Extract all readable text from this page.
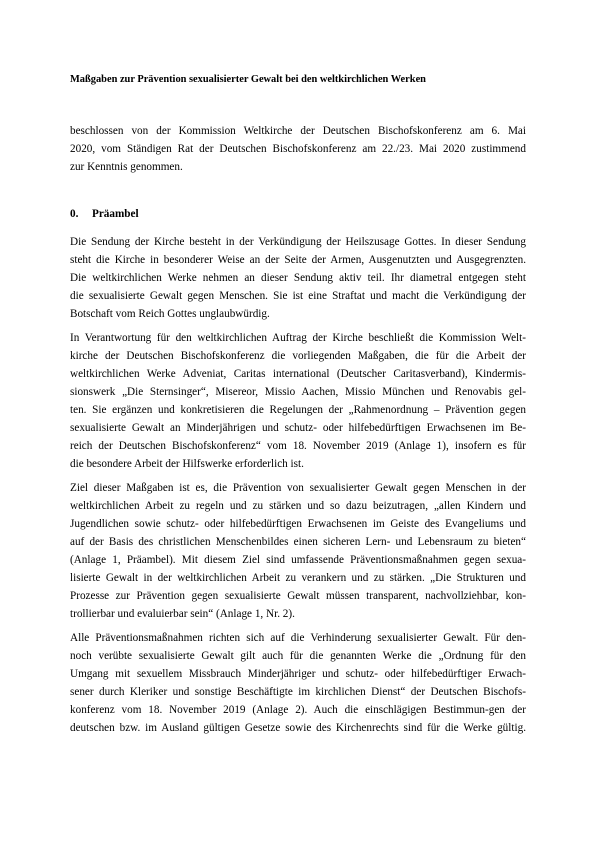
Maßgaben zur Prävention sexualisierter Gewalt bei den weltkirchlichen Werken
beschlossen von der Kommission Weltkirche der Deutschen Bischofskonferenz am 6. Mai
2020, vom Ständigen Rat der Deutschen Bischofskonferenz am 22./23. Mai 2020 zustimmend
zur Kenntnis genommen.
0. Präambel
Die Sendung der Kirche besteht in der Verkündigung der Heilszusage Gottes. In dieser Sendung
steht die Kirche in besonderer Weise an der Seite der Armen, Ausgenutzten und Ausgegrenzten.
Die weltkirchlichen Werke nehmen an dieser Sendung aktiv teil. Ihr diametral entgegen steht
die sexualisierte Gewalt gegen Menschen. Sie ist eine Straftat und macht die Verkündigung der
Botschaft vom Reich Gottes unglaubwürdig.
In Verantwortung für den weltkirchlichen Auftrag der Kirche beschließt die Kommission Welt-
kirche der Deutschen Bischofskonferenz die vorliegenden Maßgaben, die für die Arbeit der
weltkirchlichen Werke Adveniat, Caritas international (Deutscher Caritasverband), Kindermis-
sionswerk „Die Sternsinger“, Misereor, Missio Aachen, Missio München und Renovabis gel-
ten. Sie ergänzen und konkretisieren die Regelungen der „Rahmenordnung – Prävention gegen
sexualisierte Gewalt an Minderjährigen und schutz- oder hilfebedürftigen Erwachsenen im Be-
reich der Deutschen Bischofskonferenz“ vom 18. November 2019 (Anlage 1), insofern es für
die besondere Arbeit der Hilfswerke erforderlich ist.
Ziel dieser Maßgaben ist es, die Prävention von sexualisierter Gewalt gegen Menschen in der
weltkirchlichen Arbeit zu regeln und zu stärken und so dazu beizutragen, „allen Kindern und
Jugendlichen sowie schutz- oder hilfebedürftigen Erwachsenen im Geiste des Evangeliums und
auf der Basis des christlichen Menschenbildes einen sicheren Lern- und Lebensraum zu bieten“
(Anlage 1, Präambel). Mit diesem Ziel sind umfassende Präventionsmaßnahmen gegen sexua-
lisierte Gewalt in der weltkirchlichen Arbeit zu verankern und zu stärken. „Die Strukturen und
Prozesse zur Prävention gegen sexualisierte Gewalt müssen transparent, nachvollziehbar, kon-
trollierbar und evaluierbar sein“ (Anlage 1, Nr. 2).
Alle Präventionsmaßnahmen richten sich auf die Verhinderung sexualisierter Gewalt. Für den-
noch verübte sexualisierte Gewalt gilt auch für die genannten Werke die „Ordnung für den
Umgang mit sexuellem Missbrauch Minderjähriger und schutz- oder hilfebedürftiger Erwach-
sener durch Kleriker und sonstige Beschäftigte im kirchlichen Dienst“ der Deutschen Bischofs-
konferenz vom 18. November 2019 (Anlage 2). Auch die einschlägigen Bestimmun-gen der
deutschen bzw. im Ausland gültigen Gesetze sowie des Kirchenrechts sind für die Werke gültig.
